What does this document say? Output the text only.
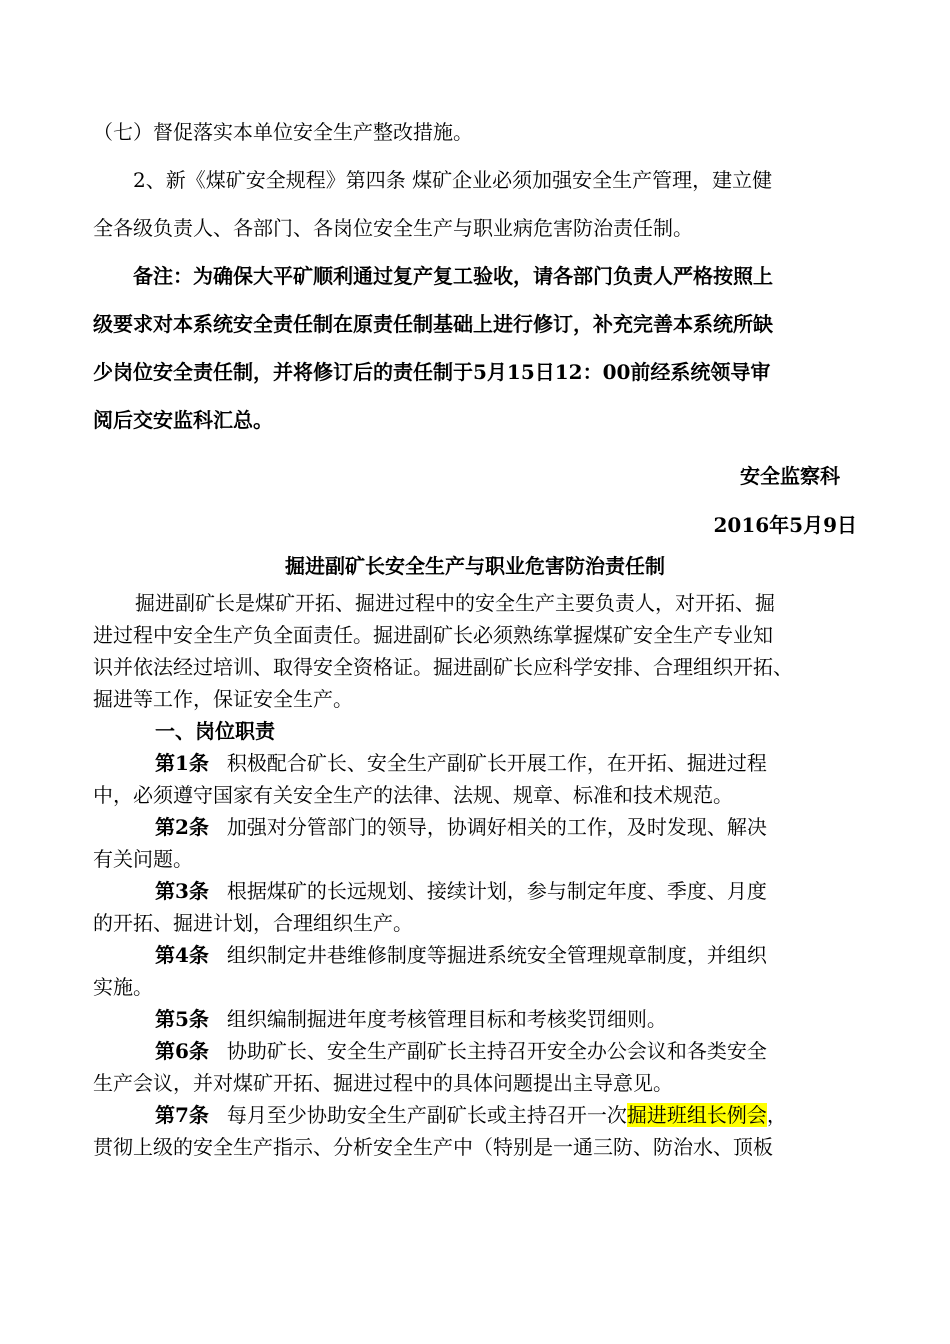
（七）督促落实本单位安全生产整改措施。

2、新《煤矿安全规程》第四条 煤矿企业必须加强安全生产管理，建立健

全各级负责人、各部门、各岗位安全生产与职业病危害防治责任制。

备注：为确保大平矿顺利通过复产复工验收，请各部门负责人严格按照上

级要求对本系统安全责任制在原责任制基础上进行修订，补充完善本系统所缺

少岗位安全责任制，并将修订后的责任制于5月15日12：00前经系统领导审

阅后交安监科汇总。

安全监察科
2016年5月9日
掘进副矿长安全生产与职业危害防治责任制

掘进副矿长是煤矿开拓、掘进过程中的安全生产主要负责人，对开拓、掘

进过程中安全生产负全面责任。掘进副矿长必须熟练掌握煤矿安全生产专业知

识并依法经过培训、取得安全资格证。掘进副矿长应科学安排、合理组织开拓、

掘进等工作，保证安全生产。

一、岗位职责

第1条 积极配合矿长、安全生产副矿长开展工作，在开拓、掘进过程

中，必须遵守国家有关安全生产的法律、法规、规章、标准和技术规范。

第2条 加强对分管部门的领导，协调好相关的工作，及时发现、解决

有关问题。

第3条 根据煤矿的长远规划、接续计划，参与制定年度、季度、月度

的开拓、掘进计划，合理组织生产。

第4条 组织制定井巷维修制度等掘进系统安全管理规章制度，并组织

实施。

第5条 组织编制掘进年度考核管理目标和考核奖罚细则。

第6条 协助矿长、安全生产副矿长主持召开安全办公会议和各类安全

生产会议，并对煤矿开拓、掘进过程中的具体问题提出主导意见。

第7条 每月至少协助安全生产副矿长或主持召开一次掘进班组长例会，

贯彻上级的安全生产指示、分析安全生产中（特别是一通三防、防治水、顶板
